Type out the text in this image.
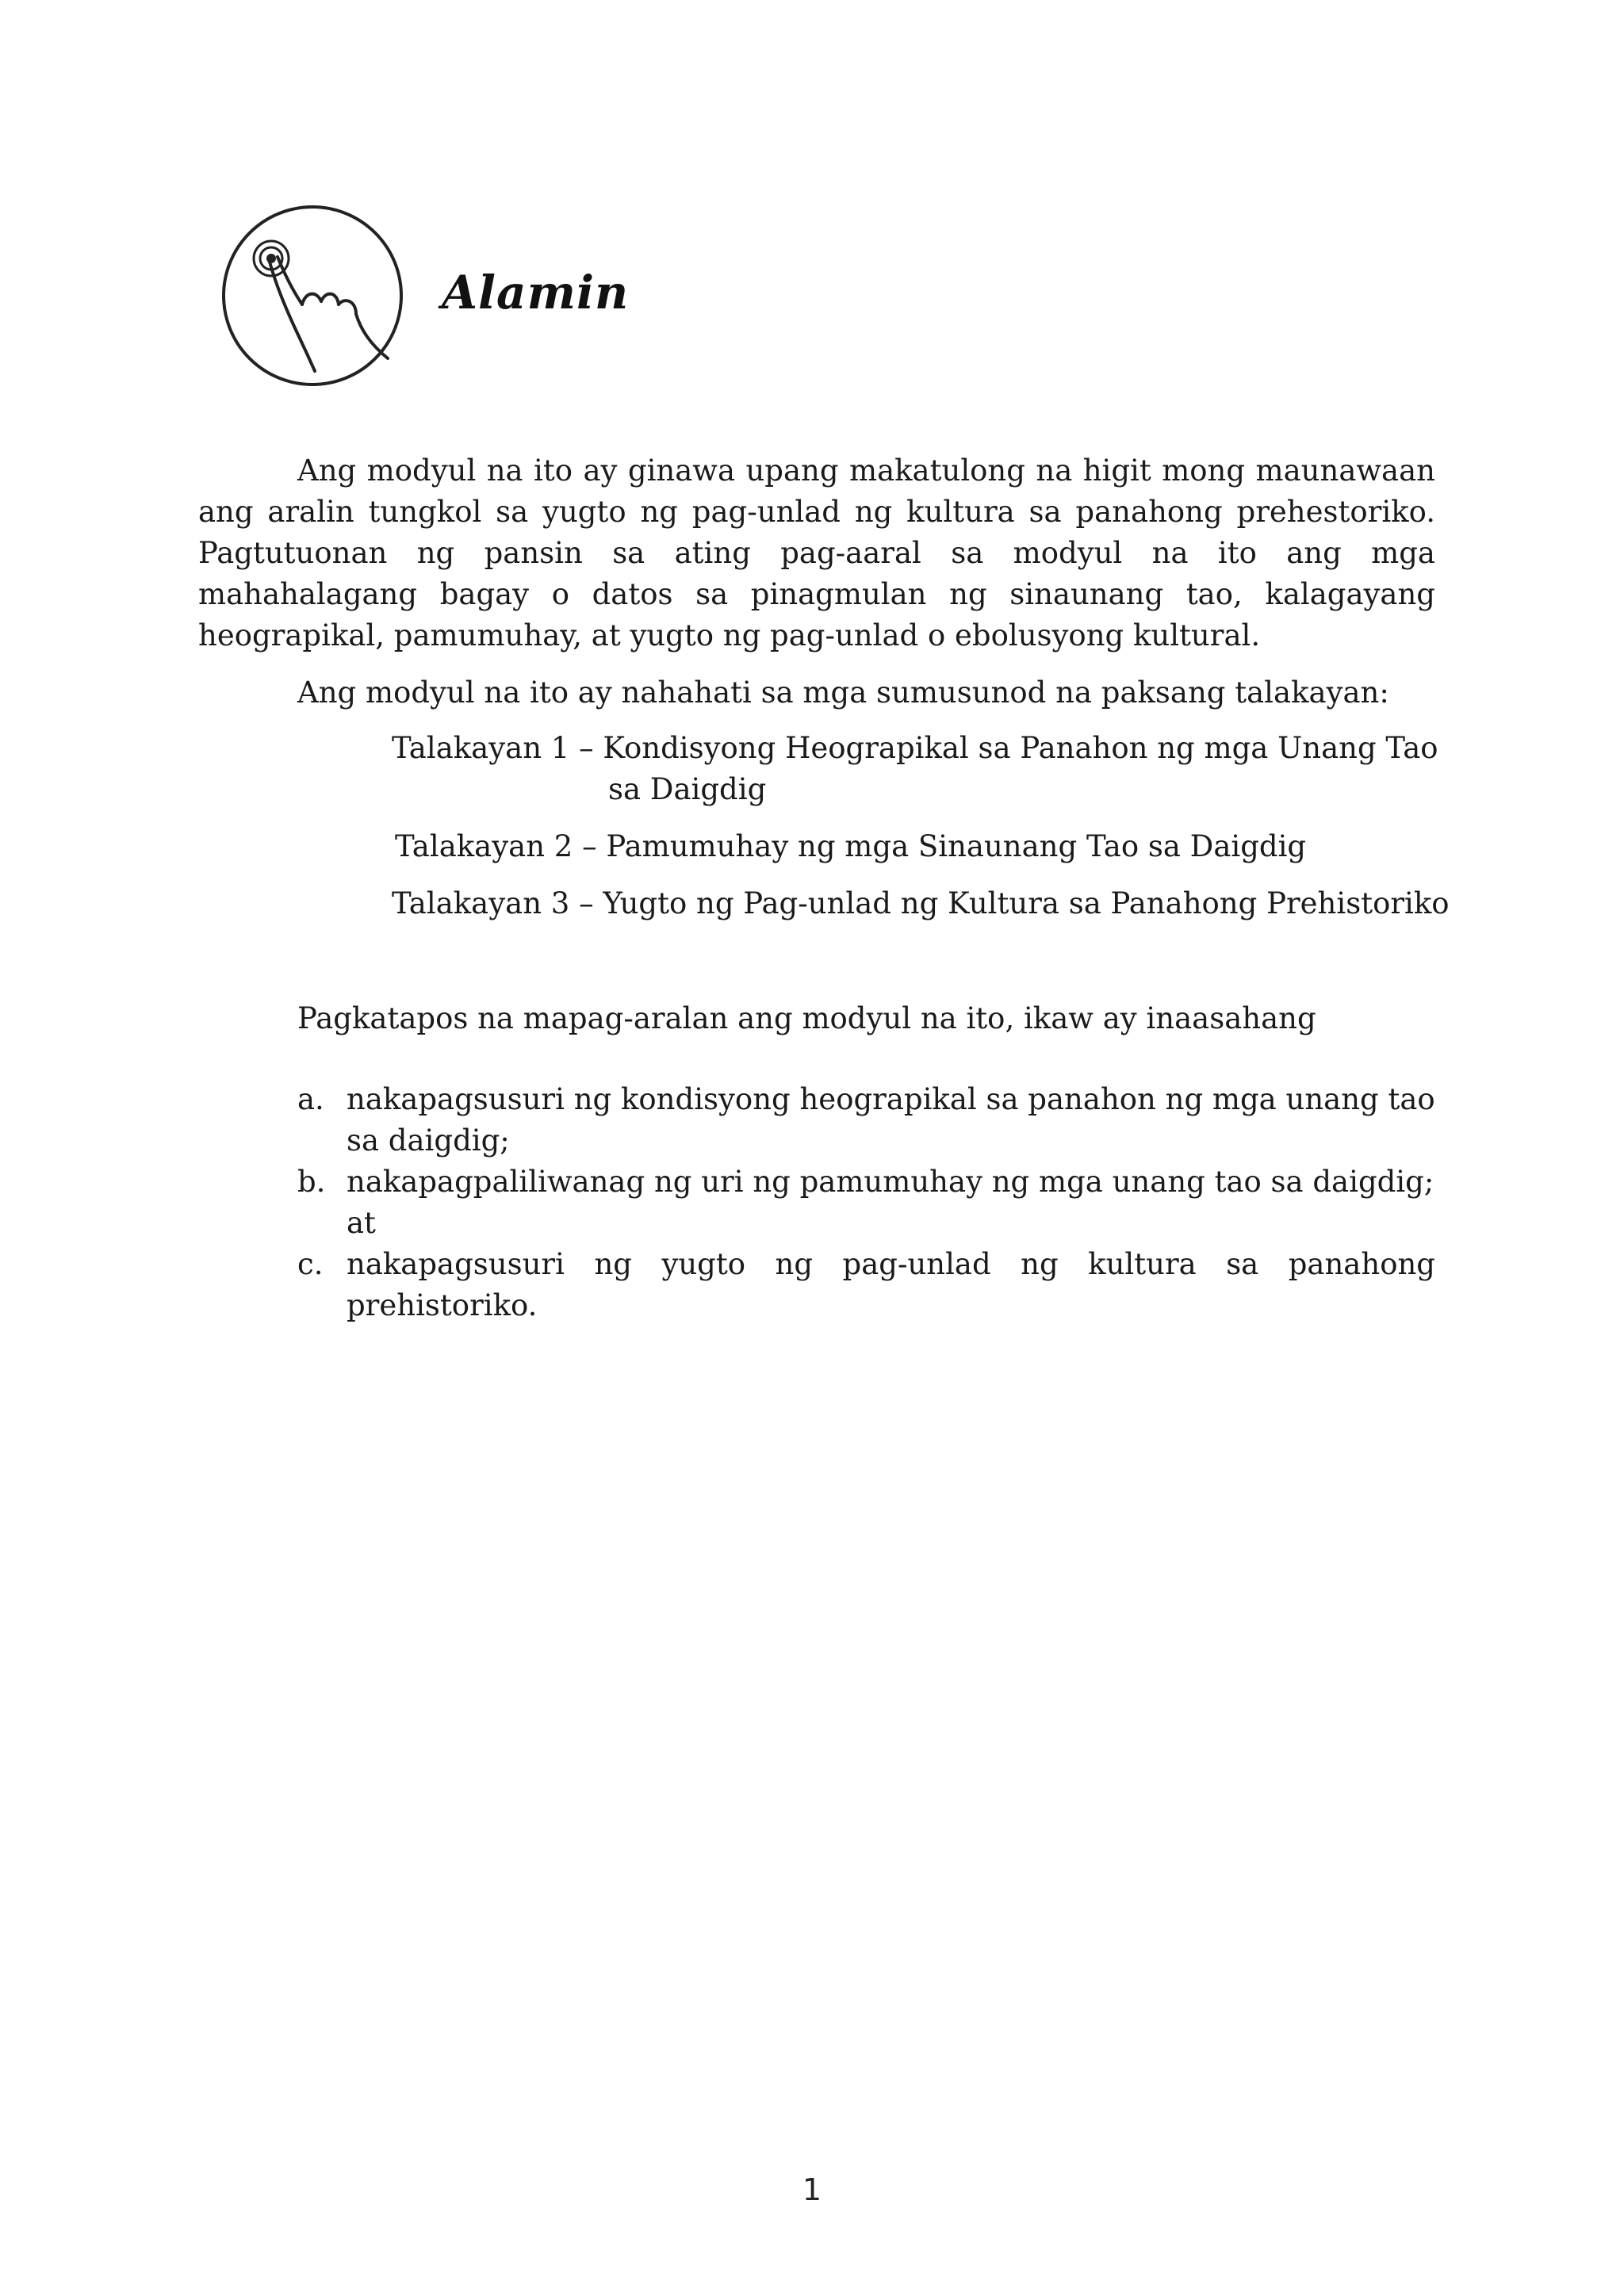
Alamin

Ang modyul na ito ay ginawa upang makatulong na higit mong maunawaan ang aralin tungkol sa yugto ng pag-unlad ng kultura sa panahong prehestoriko. Pagtutuonan ng pansin sa ating pag-aaral sa modyul na ito ang mga mahahalagang bagay o datos sa pinagmulan ng sinaunang tao, kalagayang heograpikal, pamumuhay, at yugto ng pag-unlad o ebolusyong kultural.

Ang modyul na ito ay nahahati sa mga sumusunod na paksang talakayan:

Talakayan 1 – Kondisyong Heograpikal sa Panahon ng mga Unang Tao
sa Daigdig
Talakayan 2 – Pamumuhay ng mga Sinaunang Tao sa Daigdig
Talakayan 3 – Yugto ng Pag-unlad ng Kultura sa Panahong Prehistoriko

Pagkatapos na mapag-aralan ang modyul na ito, ikaw ay inaasahang

a. nakapagsusuri ng kondisyong heograpikal sa panahon ng mga unang tao
sa daigdig;
b. nakapagpaliliwanag ng uri ng pamumuhay ng mga unang tao sa daigdig;
at
c. nakapagsusuri ng yugto ng pag-unlad ng kultura sa panahong
prehistoriko.
1
